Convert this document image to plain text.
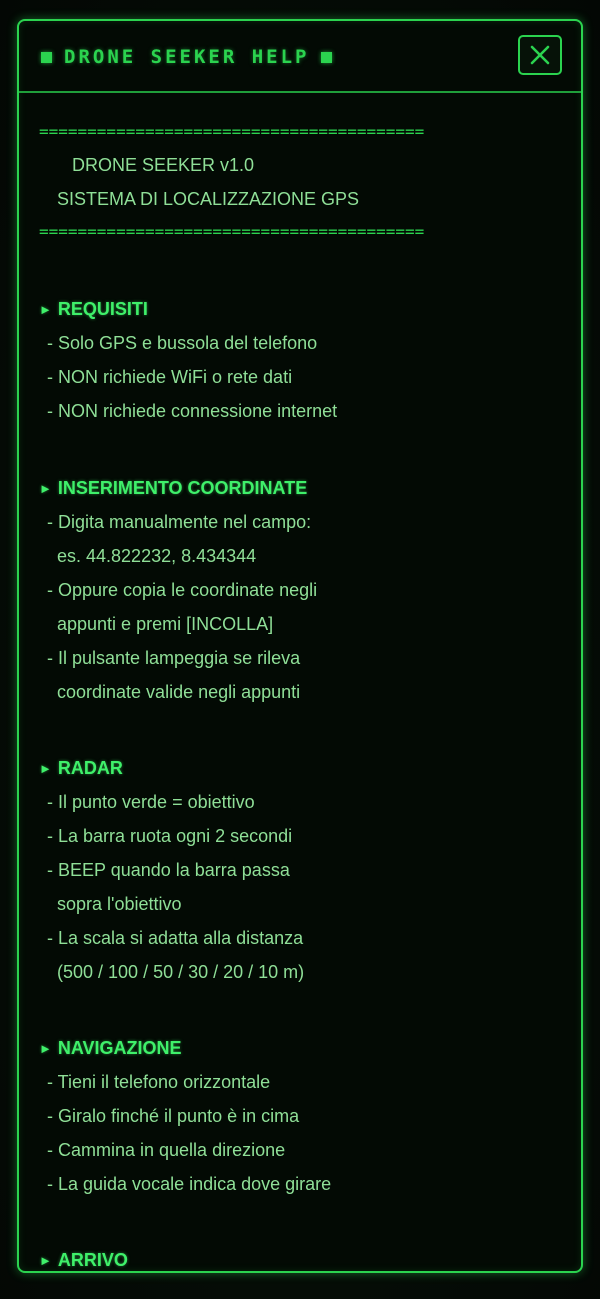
DRONE SEEKER HELP
========================================
DRONE SEEKER v1.0
SISTEMA DI LOCALIZZAZIONE GPS
========================================
► REQUISITI
- Solo GPS e bussola del telefono
- NON richiede WiFi o rete dati
- NON richiede connessione internet
► INSERIMENTO COORDINATE
- Digita manualmente nel campo:
es. 44.822232, 8.434344
- Oppure copia le coordinate negli
appunti e premi [INCOLLA]
- Il pulsante lampeggia se rileva
coordinate valide negli appunti
► RADAR
- Il punto verde = obiettivo
- La barra ruota ogni 2 secondi
- BEEP quando la barra passa
sopra l'obiettivo
- La scala si adatta alla distanza
(500 / 100 / 50 / 30 / 20 / 10 m)
► NAVIGAZIONE
- Tieni il telefono orizzontale
- Giralo finché il punto è in cima
- Cammina in quella direzione
- La guida vocale indica dove girare
► ARRIVO
